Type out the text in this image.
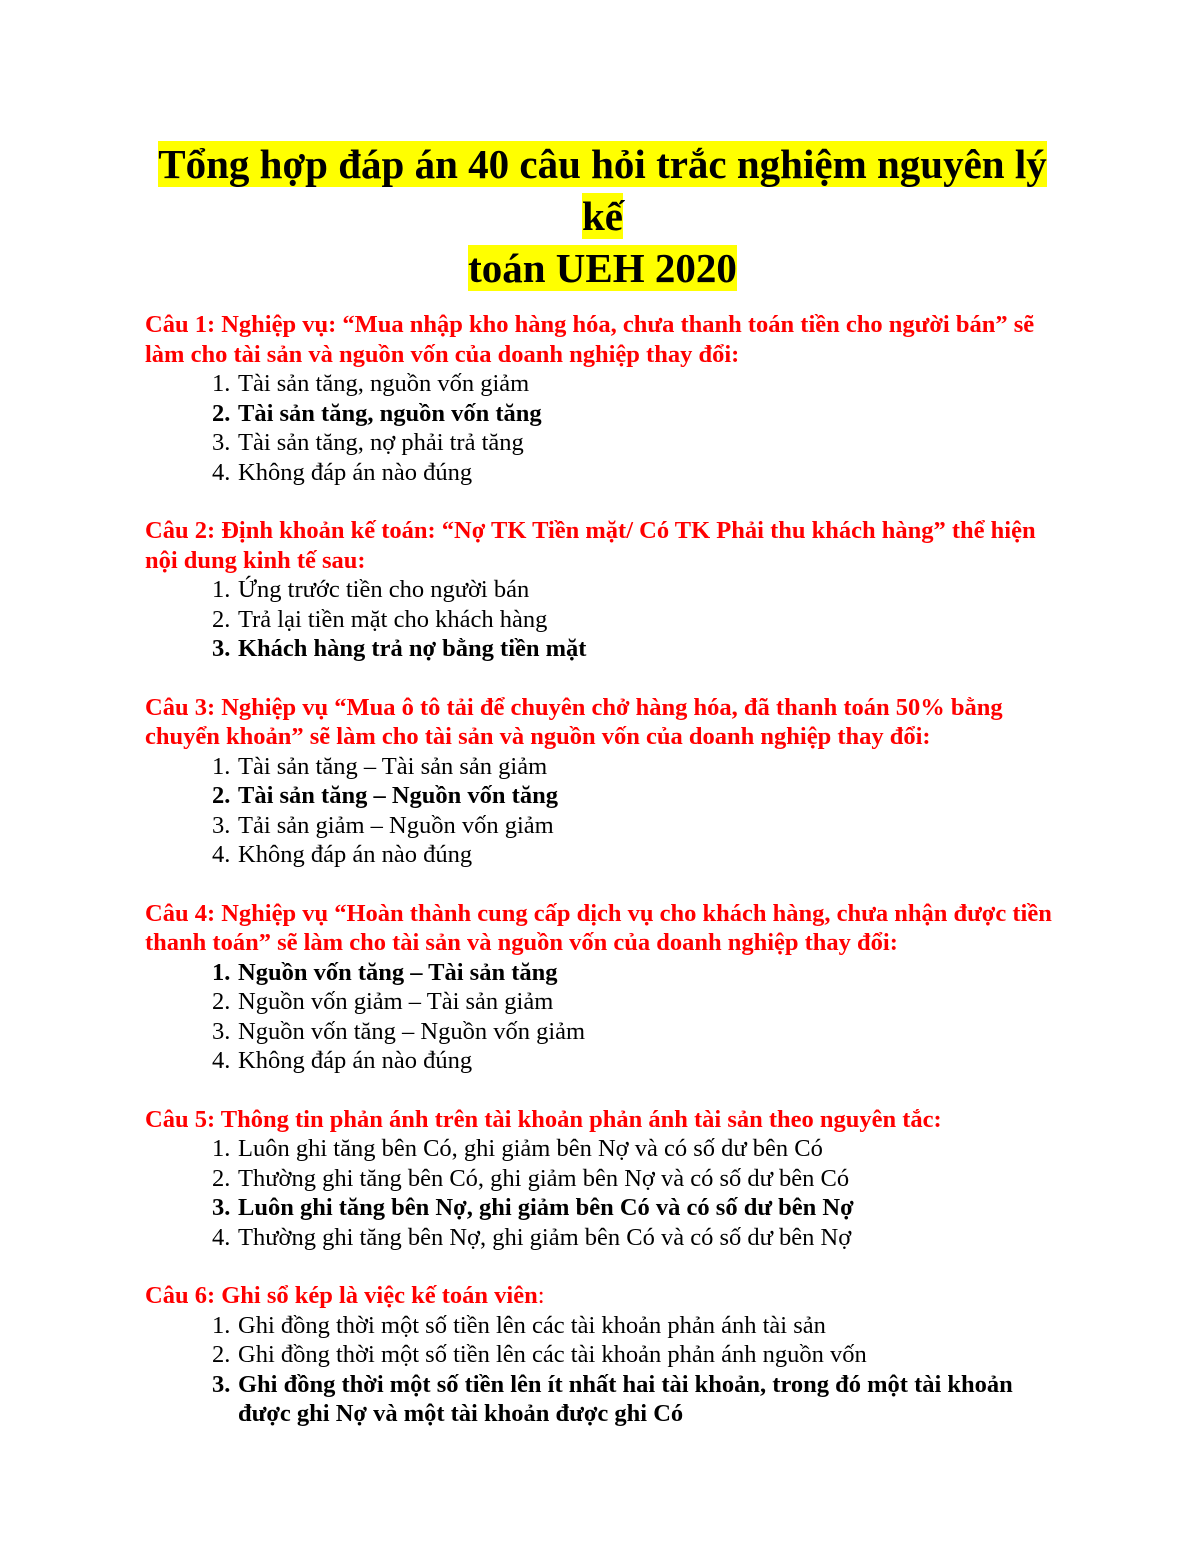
Tổng hợp đáp án 40 câu hỏi trắc nghiệm nguyên lý kế
toán UEH 2020

Câu 1: Nghiệp vụ: “Mua nhập kho hàng hóa, chưa thanh toán tiền cho người bán” sẽ làm cho tài sản và nguồn vốn của doanh nghiệp thay đổi:

1. Tài sản tăng, nguồn vốn giảm
2. Tài sản tăng, nguồn vốn tăng
3. Tài sản tăng, nợ phải trả tăng
4. Không đáp án nào đúng

Câu 2: Định khoản kế toán: “Nợ TK Tiền mặt/ Có TK Phải thu khách hàng” thể hiện nội dung kinh tế sau:

1. Ứng trước tiền cho người bán
2. Trả lại tiền mặt cho khách hàng
3. Khách hàng trả nợ bằng tiền mặt

Câu 3: Nghiệp vụ “Mua ô tô tải để chuyên chở hàng hóa, đã thanh toán 50% bằng chuyển khoản” sẽ làm cho tài sản và nguồn vốn của doanh nghiệp thay đổi:

1. Tài sản tăng – Tài sản sản giảm
2. Tài sản tăng – Nguồn vốn tăng
3. Tải sản giảm – Nguồn vốn giảm
4. Không đáp án nào đúng

Câu 4: Nghiệp vụ “Hoàn thành cung cấp dịch vụ cho khách hàng, chưa nhận được tiền thanh toán” sẽ làm cho tài sản và nguồn vốn của doanh nghiệp thay đổi:

1. Nguồn vốn tăng – Tài sản tăng
2. Nguồn vốn giảm – Tài sản giảm
3. Nguồn vốn tăng – Nguồn vốn giảm
4. Không đáp án nào đúng

Câu 5: Thông tin phản ánh trên tài khoản phản ánh tài sản theo nguyên tắc:

1. Luôn ghi tăng bên Có, ghi giảm bên Nợ và có số dư bên Có
2. Thường ghi tăng bên Có, ghi giảm bên Nợ và có số dư bên Có
3. Luôn ghi tăng bên Nợ, ghi giảm bên Có và có số dư bên Nợ
4. Thường ghi tăng bên Nợ, ghi giảm bên Có và có số dư bên Nợ

Câu 6: Ghi sổ kép là việc kế toán viên:

1. Ghi đồng thời một số tiền lên các tài khoản phản ánh tài sản
2. Ghi đồng thời một số tiền lên các tài khoản phản ánh nguồn vốn
3. Ghi đồng thời một số tiền lên ít nhất hai tài khoản, trong đó một tài khoản được ghi Nợ và một tài khoản được ghi Có
